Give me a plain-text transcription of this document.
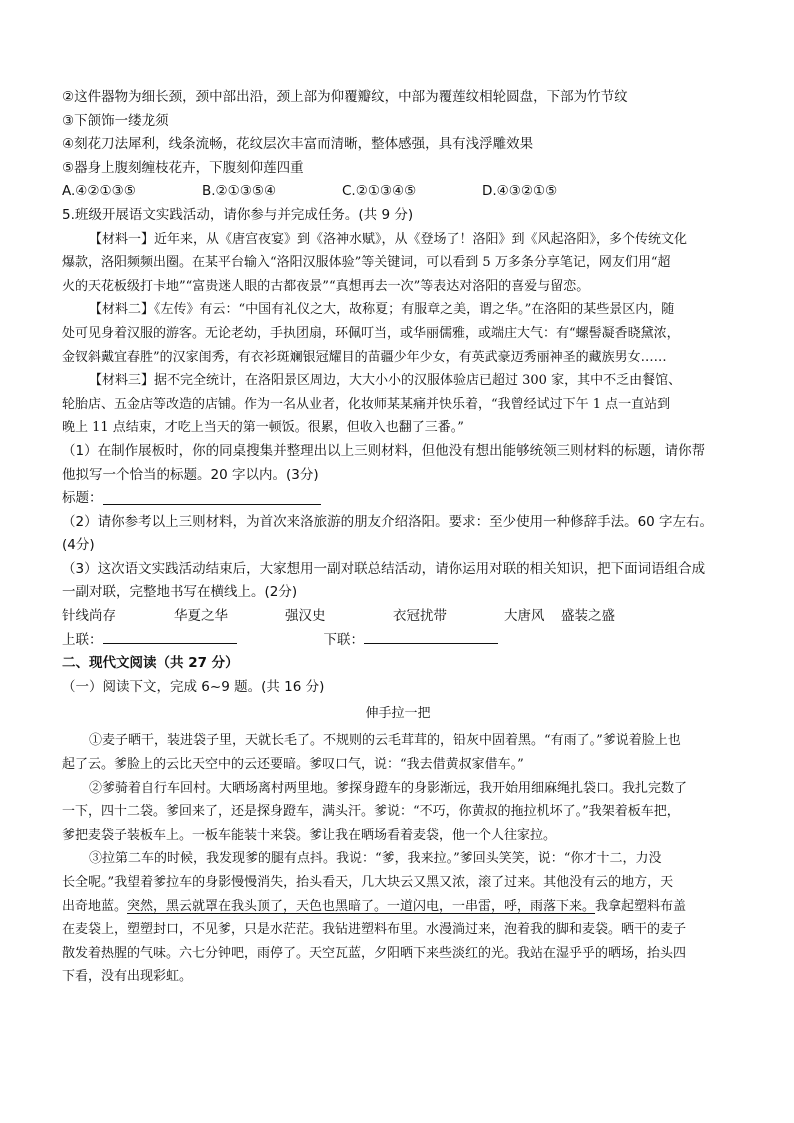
②这件器物为细长颈，颈中部出沿，颈上部为仰覆瓣纹，中部为覆莲纹相轮圆盘，下部为竹节纹
③下颌饰一缕龙须
④刻花刀法犀利，线条流畅，花纹层次丰富而清晰，整体感强，具有浅浮雕效果
⑤器身上腹刻缠枝花卉，下腹刻仰莲四重
A.④②①③⑤	B.②①③⑤④	C.②①③④⑤	D.④③②①⑤
5.班级开展语文实践活动，请你参与并完成任务。(共 9 分)
【材料一】近年来，从《唐宫夜宴》到《洛神水赋》，从《登场了！洛阳》到《风起洛阳》，多个传统文化
爆款，洛阳频频出圈。在某平台输入“洛阳汉服体验”等关键词，可以看到 5 万多条分享笔记，网友们用“超
火的天花板级打卡地”“富贵迷人眼的古都夜景”“真想再去一次”等表达对洛阳的喜爱与留恋。
【材料二】《左传》有云：“中国有礼仪之大，故称夏；有服章之美，谓之华。”在洛阳的某些景区内，随
处可见身着汉服的游客。无论老幼，手执团扇，环佩叮当，或华丽儒雅，或端庄大气：有“螺髻凝香晓黛浓，
金钗斜戴宜春胜”的汉家闺秀，有衣衫斑斓银冠耀目的苗疆少年少女，有英武豪迈秀丽神圣的藏族男女……
【材料三】据不完全统计，在洛阳景区周边，大大小小的汉服体验店已超过 300 家，其中不乏由餐馆、
轮胎店、五金店等改造的店铺。作为一名从业者，化妆师某某痛并快乐着，“我曾经试过下午 1 点一直站到
晚上 11 点结束，才吃上当天的第一顿饭。很累，但收入也翻了三番。”
（1）在制作展板时，你的同桌搜集并整理出以上三则材料，但他没有想出能够统领三则材料的标题，请你帮
他拟写一个恰当的标题。20 字以内。(3分)
标题：
（2）请你参考以上三则材料，为首次来洛旅游的朋友介绍洛阳。要求：至少使用一种修辞手法。60 字左右。
(4分)
（3）这次语文实践活动结束后，大家想用一副对联总结活动，请你运用对联的相关知识，把下面词语组合成
一副对联，完整地书写在横线上。(2分)
针线尚存	华夏之华	强汉史	衣冠扰带	大唐风	盛装之盛
上联：	下联：
二、现代文阅读（共 27 分）
（一）阅读下文，完成 6~9 题。(共 16 分)
伸手拉一把
①麦子晒干，装进袋子里，天就长毛了。不规则的云毛茸茸的，铅灰中固着黑。“有雨了。”爹说着脸上也
起了云。爹脸上的云比天空中的云还要暗。爹叹口气，说：“我去借黄叔家借车。”
②爹骑着自行车回村。大晒场离村两里地。爹探身蹬车的身影渐远，我开始用细麻绳扎袋口。我扎完数了
一下，四十二袋。爹回来了，还是探身蹬车，满头汗。爹说：“不巧，你黄叔的拖拉机坏了。”我架着板车把，
爹把麦袋子装板车上。一板车能装十来袋。爹让我在晒场看着麦袋，他一个人往家拉。
③拉第二车的时候，我发现爹的腿有点抖。我说：“爹，我来拉。”爹回头笑笑，说：“你才十二，力没
长全呢。”我望着爹拉车的身影慢慢消失，抬头看天，几大块云又黑又浓，滚了过来。其他没有云的地方，天
出奇地蓝。突然，黑云就罩在我头顶了，天色也黑暗了。一道闪电，一串雷，呼，雨落下来。我拿起塑料布盖
在麦袋上，塑塑封口，不见爹，只是水茫茫。我钻进塑料布里。水漫淌过来，泡着我的脚和麦袋。晒干的麦子
散发着热腥的气味。六七分钟吧，雨停了。天空瓦蓝，夕阳晒下来些淡红的光。我站在湿乎乎的晒场，抬头四
下看，没有出现彩虹。
